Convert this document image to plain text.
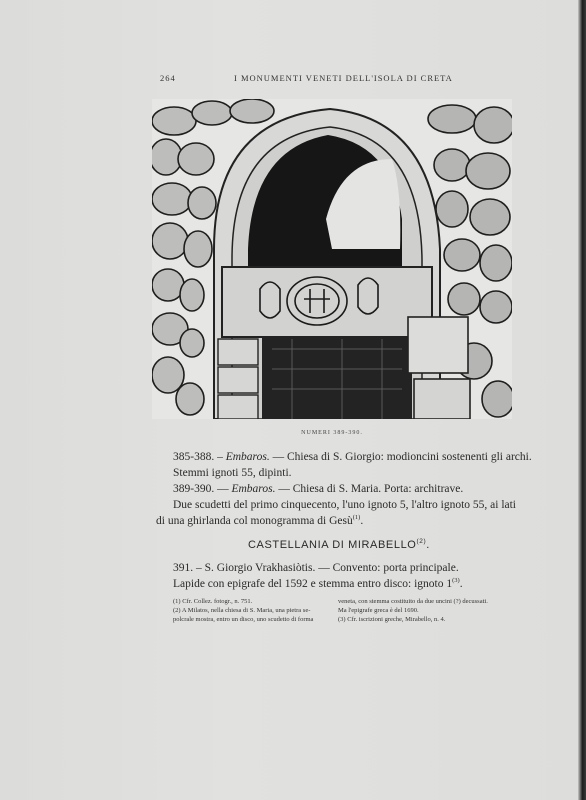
264	I MONUMENTI VENETI DELL'ISOLA DI CRETA
NUMERI 389-390.
385-388. – Embaros. — Chiesa di S. Giorgio: modioncini sostenenti gli archi.
Stemmi ignoti 55, dipinti.
389-390. — Embaros. — Chiesa di S. Maria. Porta: architrave.
Due scudetti del primo cinquecento, l'uno ignoto 5, l'altro ignoto 55, ai lati
di una ghirlanda col monogramma di Gesù$^{(1)}$.
391. – S. Giorgio Vrakhasiòtis. — Convento: porta principale.
Lapide con epigrafe del 1592 e stemma entro disco: ignoto 1$^{(3)}$.
CASTELLANIA DI MIRABELLO$^{(2)}$.
(1) Cfr. Collez. fotogr., n. 751.
(2) A Milatos, nella chiesa di S. Maria, una pietra se-
polcrale mostra, entro un disco, uno scudetto di forma
veneta, con stemma costituito da due uncini (?) decussati.
Ma l'epigrafe greca è del 1690.
(3) Cfr. iscrizioni greche, Mirabello, n. 4.
